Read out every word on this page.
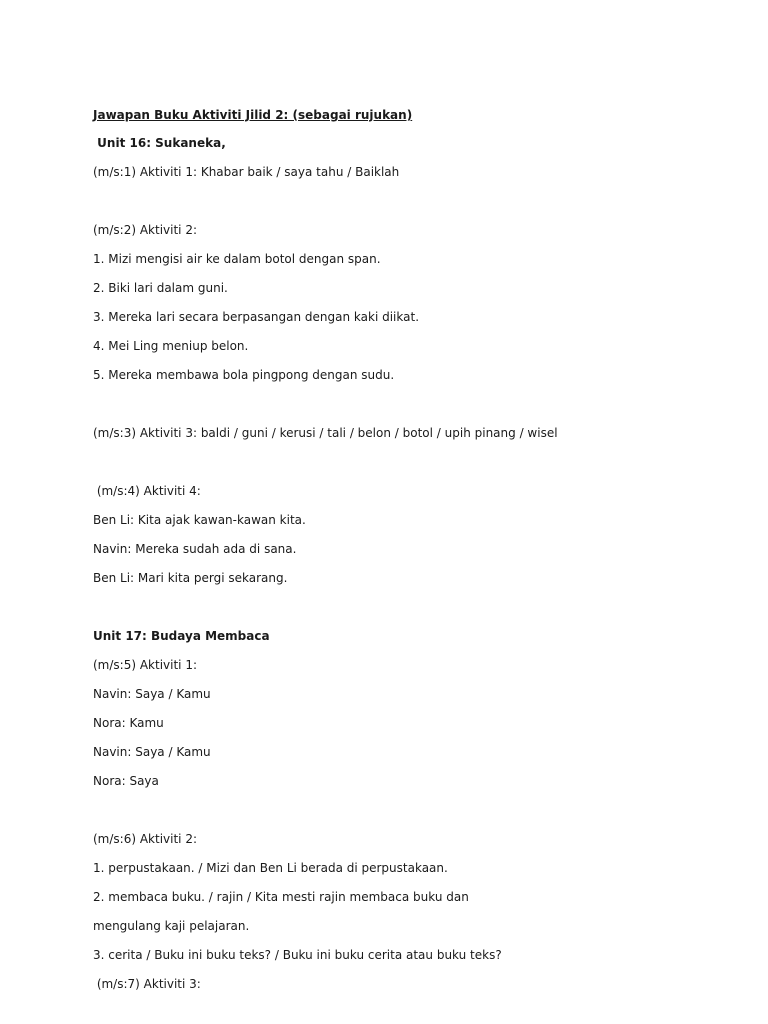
Jawapan Buku Aktiviti Jilid 2: (sebagai rujukan)
Unit 16: Sukaneka,
(m/s:1) Aktiviti 1: Khabar baik / saya tahu / Baiklah
(m/s:2) Aktiviti 2:
1. Mizi mengisi air ke dalam botol dengan span.
2. Biki lari dalam guni.
3. Mereka lari secara berpasangan dengan kaki diikat.
4. Mei Ling meniup belon.
5. Mereka membawa bola pingpong dengan sudu.
(m/s:3) Aktiviti 3: baldi / guni / kerusi / tali / belon / botol / upih pinang / wisel
(m/s:4) Aktiviti 4:
Ben Li: Kita ajak kawan-kawan kita.
Navin: Mereka sudah ada di sana.
Ben Li: Mari kita pergi sekarang.
Unit 17: Budaya Membaca
(m/s:5) Aktiviti 1:
Navin: Saya / Kamu
Nora: Kamu
Navin: Saya / Kamu
Nora: Saya
(m/s:6) Aktiviti 2:
1. perpustakaan. / Mizi dan Ben Li berada di perpustakaan.
2. membaca buku. / rajin / Kita mesti rajin membaca buku dan
mengulang kaji pelajaran.
3. cerita / Buku ini buku teks? / Buku ini buku cerita atau buku teks?
(m/s:7) Aktiviti 3:
